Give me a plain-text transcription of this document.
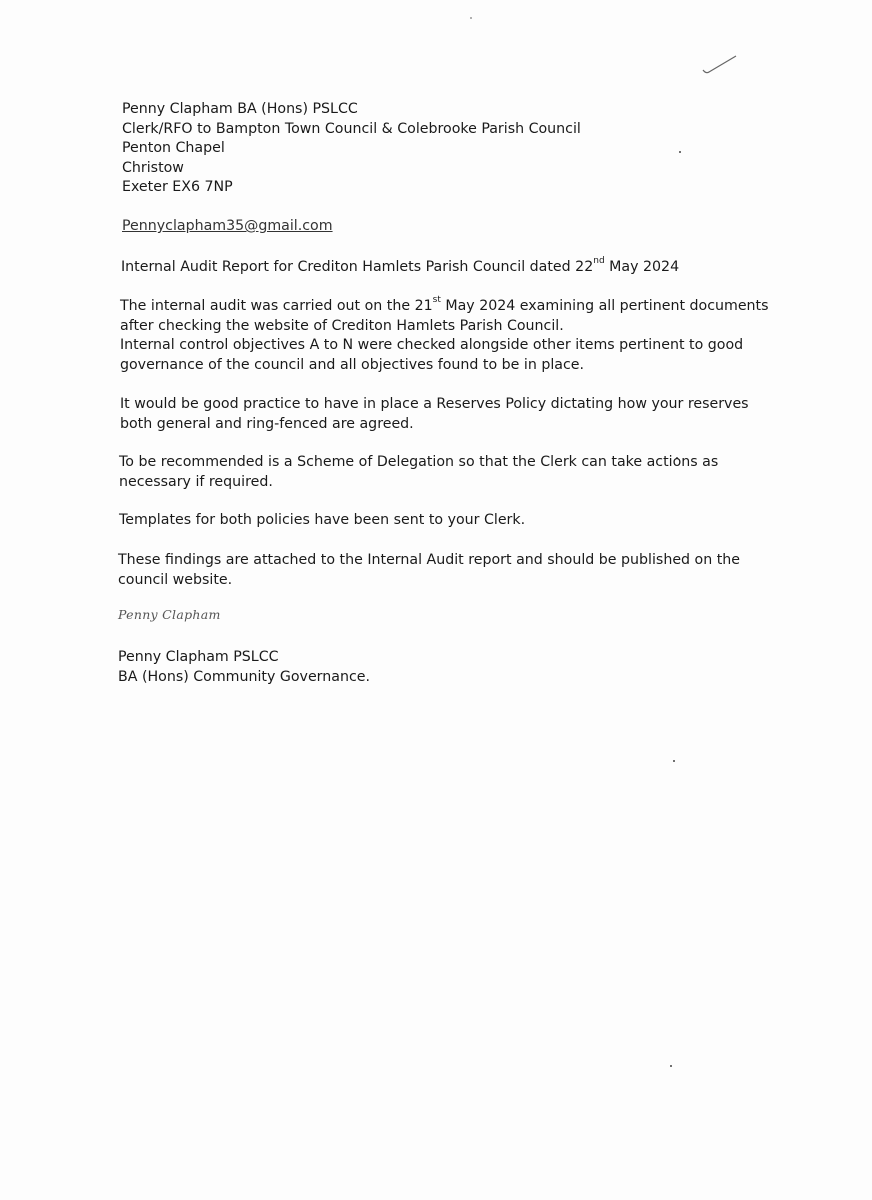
Penny Clapham BA (Hons) PSLCC
Clerk/RFO to Bampton Town Council & Colebrooke Parish Council
Penton Chapel
Christow
Exeter EX6 7NP
Pennyclapham35@gmail.com
Internal Audit Report for Crediton Hamlets Parish Council dated 22nd May 2024
The internal audit was carried out on the 21st May 2024 examining all pertinent documents
after checking the website of Crediton Hamlets Parish Council.
Internal control objectives A to N were checked alongside other items pertinent to good
governance of the council and all objectives found to be in place.
It would be good practice to have in place a Reserves Policy dictating how your reserves
both general and ring-fenced are agreed.
To be recommended is a Scheme of Delegation so that the Clerk can take actions as
necessary if required.
Templates for both policies have been sent to your Clerk.
These findings are attached to the Internal Audit report and should be published on the
council website.
Penny Clapham
Penny Clapham PSLCC
BA (Hons) Community Governance.
